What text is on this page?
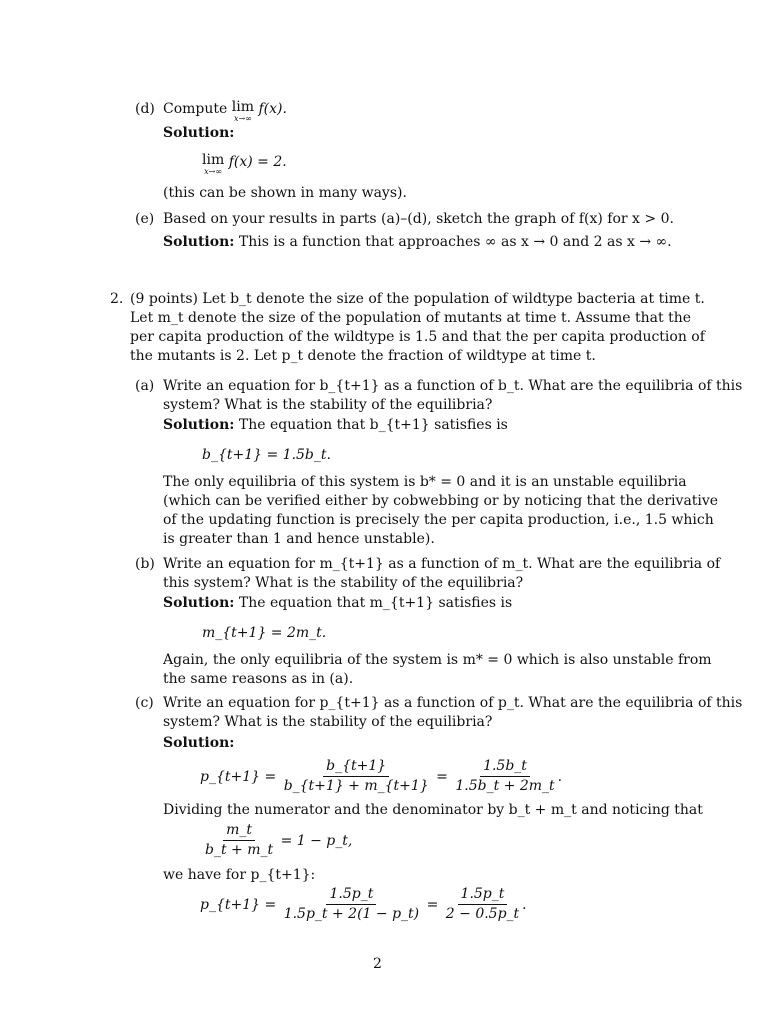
(d) Compute lim
x→∞
f(x).
Solution:
lim
x→∞
f(x) = 2.
(this can be shown in many ways).
(e) Based on your results in parts (a)–(d), sketch the graph of f(x) for x > 0.
Solution: This is a function that approaches ∞ as x → 0 and 2 as x → ∞.
2. (9 points) Let b_t denote the size of the population of wildtype bacteria at time t.
Let m_t denote the size of the population of mutants at time t. Assume that the
per capita production of the wildtype is 1.5 and that the per capita production of
the mutants is 2. Let p_t denote the fraction of wildtype at time t.
(a) Write an equation for b_{t+1} as a function of b_t. What are the equilibria of this
system? What is the stability of the equilibria?
Solution: The equation that b_{t+1} satisfies is
b_{t+1} = 1.5b_t.
The only equilibria of this system is b* = 0 and it is an unstable equilibria
(which can be verified either by cobwebbing or by noticing that the derivative
of the updating function is precisely the per capita production, i.e., 1.5 which
is greater than 1 and hence unstable).
(b) Write an equation for m_{t+1} as a function of m_t. What are the equilibria of
this system? What is the stability of the equilibria?
Solution: The equation that m_{t+1} satisfies is
m_{t+1} = 2m_t.
Again, the only equilibria of the system is m* = 0 which is also unstable from
the same reasons as in (a).
(c) Write an equation for p_{t+1} as a function of p_t. What are the equilibria of this
system? What is the stability of the equilibria?
Solution:
p_{t+1} =
$\frac{b\_\{t+1\}}{b\_\{t+1\} + m\_\{t+1\}} = \frac{1.5b\_t}{1.5b\_t + 2m\_t}$ .
Dividing the numerator and the denominator by b_t + m_t and noticing that
$\frac{m\_t}{b\_t + m\_t}$
= 1 − p_t,
we have for p_{t+1}:
p_{t+1} =
$\frac{1.5p\_t}{1.5p\_t + 2(1 - p\_t)} = \frac{1.5p\_t}{2 - 0.5p\_t}$ .
2
